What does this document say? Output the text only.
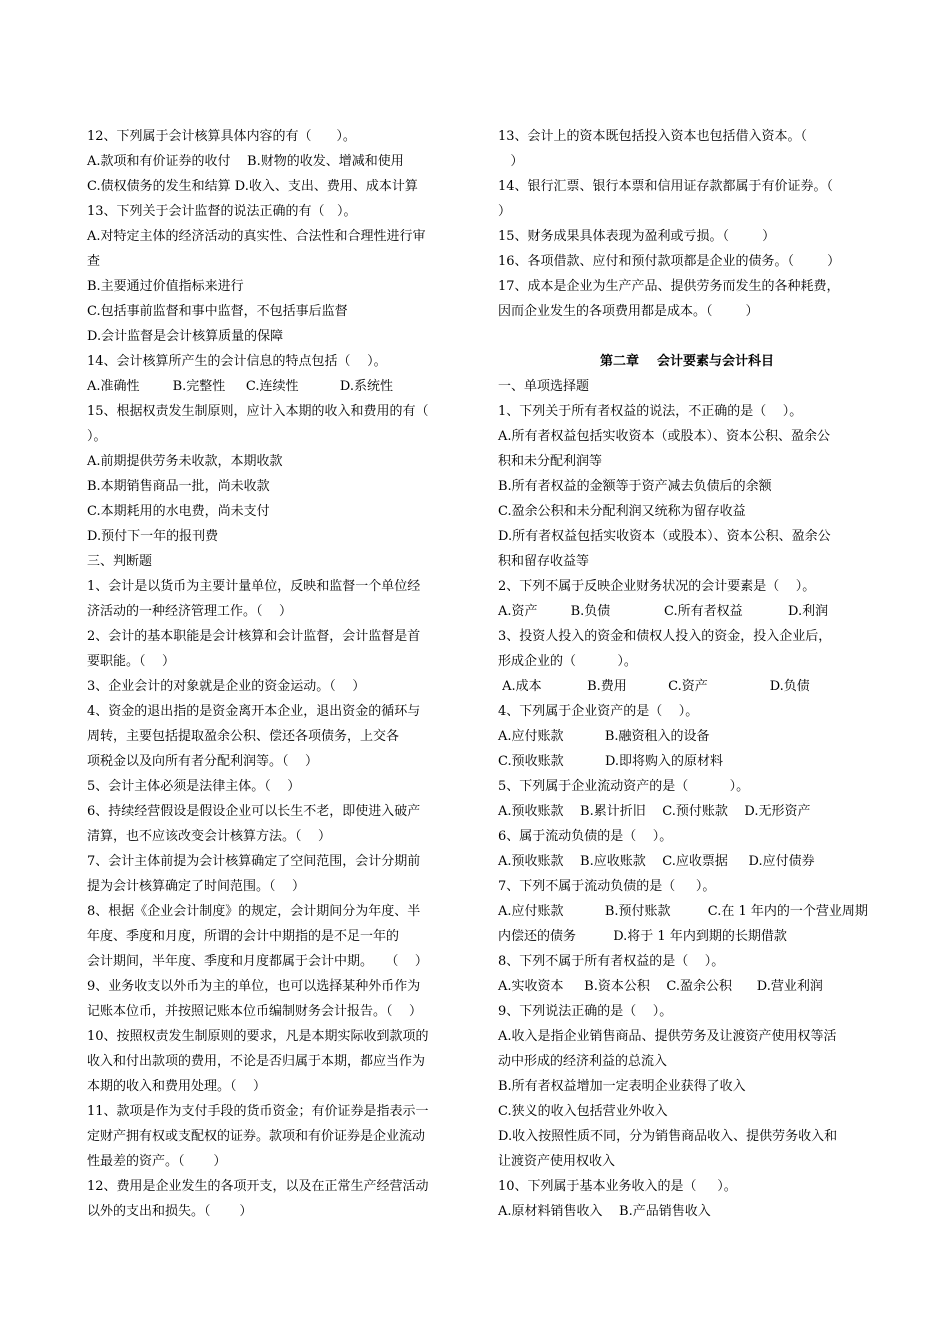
12、下列属于会计核算具体内容的有（      ）。
A.款项和有价证券的收付    B.财物的收发、增减和使用
C.债权债务的发生和结算 D.收入、支出、费用、成本计算
13、下列关于会计监督的说法正确的有（   ）。
A.对特定主体的经济活动的真实性、合法性和合理性进行审
查
B.主要通过价值指标来进行
C.包括事前监督和事中监督，不包括事后监督
D.会计监督是会计核算质量的保障
14、会计核算所产生的会计信息的特点包括（    ）。
A.准确性        B.完整性     C.连续性          D.系统性
15、根据权责发生制原则，应计入本期的收入和费用的有（
）。
A.前期提供劳务未收款，本期收款
B.本期销售商品一批，尚未收款
C.本期耗用的水电费，尚未支付
D.预付下一年的报刊费
三、判断题
1、会计是以货币为主要计量单位，反映和监督一个单位经
济活动的一种经济管理工作。（    ）
2、会计的基本职能是会计核算和会计监督，会计监督是首
要职能。（    ）
3、企业会计的对象就是企业的资金运动。（    ）
4、资金的退出指的是资金离开本企业，退出资金的循环与
周转，主要包括提取盈余公积、偿还各项债务，上交各
项税金以及向所有者分配利润等。（    ）
5、会计主体必须是法律主体。（    ）
6、持续经营假设是假设企业可以长生不老，即使进入破产
清算，也不应该改变会计核算方法。（    ）
7、会计主体前提为会计核算确定了空间范围，会计分期前
提为会计核算确定了时间范围。（    ）
8、根据《企业会计制度》的规定，会计期间分为年度、半
年度、季度和月度，所谓的会计中期指的是不足一年的
会计期间，半年度、季度和月度都属于会计中期。   （    ）
9、业务收支以外币为主的单位，也可以选择某种外币作为
记账本位币，并按照记账本位币编制财务会计报告。（    ）
10、按照权责发生制原则的要求，凡是本期实际收到款项的
收入和付出款项的费用，不论是否归属于本期，都应当作为
本期的收入和费用处理。（    ）
11、款项是作为支付手段的货币资金；有价证券是指表示一
定财产拥有权或支配权的证券。款项和有价证券是企业流动
性最差的资产。（       ）
12、费用是企业发生的各项开支，以及在正常生产经营活动
以外的支出和损失。（       ）
13、会计上的资本既包括投入资本也包括借入资本。（
）
14、银行汇票、银行本票和信用证存款都属于有价证券。（
）
15、财务成果具体表现为盈利或亏损。（        ）
16、各项借款、应付和预付款项都是企业的债务。（        ）
17、成本是企业为生产产品、提供劳务而发生的各种耗费，
因而企业发生的各项费用都是成本。（        ）
第二章    会计要素与会计科目
一、单项选择题
1、下列关于所有者权益的说法，不正确的是（    ）。
A.所有者权益包括实收资本（或股本）、资本公积、盈余公
积和未分配利润等
B.所有者权益的金额等于资产减去负债后的余额
C.盈余公积和未分配利润又统称为留存收益
D.所有者权益包括实收资本（或股本）、资本公积、盈余公
积和留存收益等
2、下列不属于反映企业财务状况的会计要素是（    ）。
A.资产        B.负债             C.所有者权益           D.利润
3、投资人投入的资金和债权人投入的资金，投入企业后，
形成企业的（          ）。
A.成本           B.费用          C.资产               D.负债
4、下列属于企业资产的是（    ）。
A.应付账款          B.融资租入的设备
C.预收账款          D.即将购入的原材料
5、下列属于企业流动资产的是（          ）。
A.预收账款    B.累计折旧    C.预付账款    D.无形资产
6、属于流动负债的是（    ）。
A.预收账款    B.应收账款    C.应收票据     D.应付债券
7、下列不属于流动负债的是（     ）。
A.应付账款          B.预付账款         C.在 1 年内的一个营业周期
内偿还的债务         D.将于 1 年内到期的长期借款
8、下列不属于所有者权益的是（    ）。
A.实收资本     B.资本公积    C.盈余公积      D.营业利润
9、下列说法正确的是（    ）。
A.收入是指企业销售商品、提供劳务及让渡资产使用权等活
动中形成的经济利益的总流入
B.所有者权益增加一定表明企业获得了收入
C.狭义的收入包括营业外收入
D.收入按照性质不同，分为销售商品收入、提供劳务收入和
让渡资产使用权收入
10、下列属于基本业务收入的是（     ）。
A.原材料销售收入    B.产品销售收入
